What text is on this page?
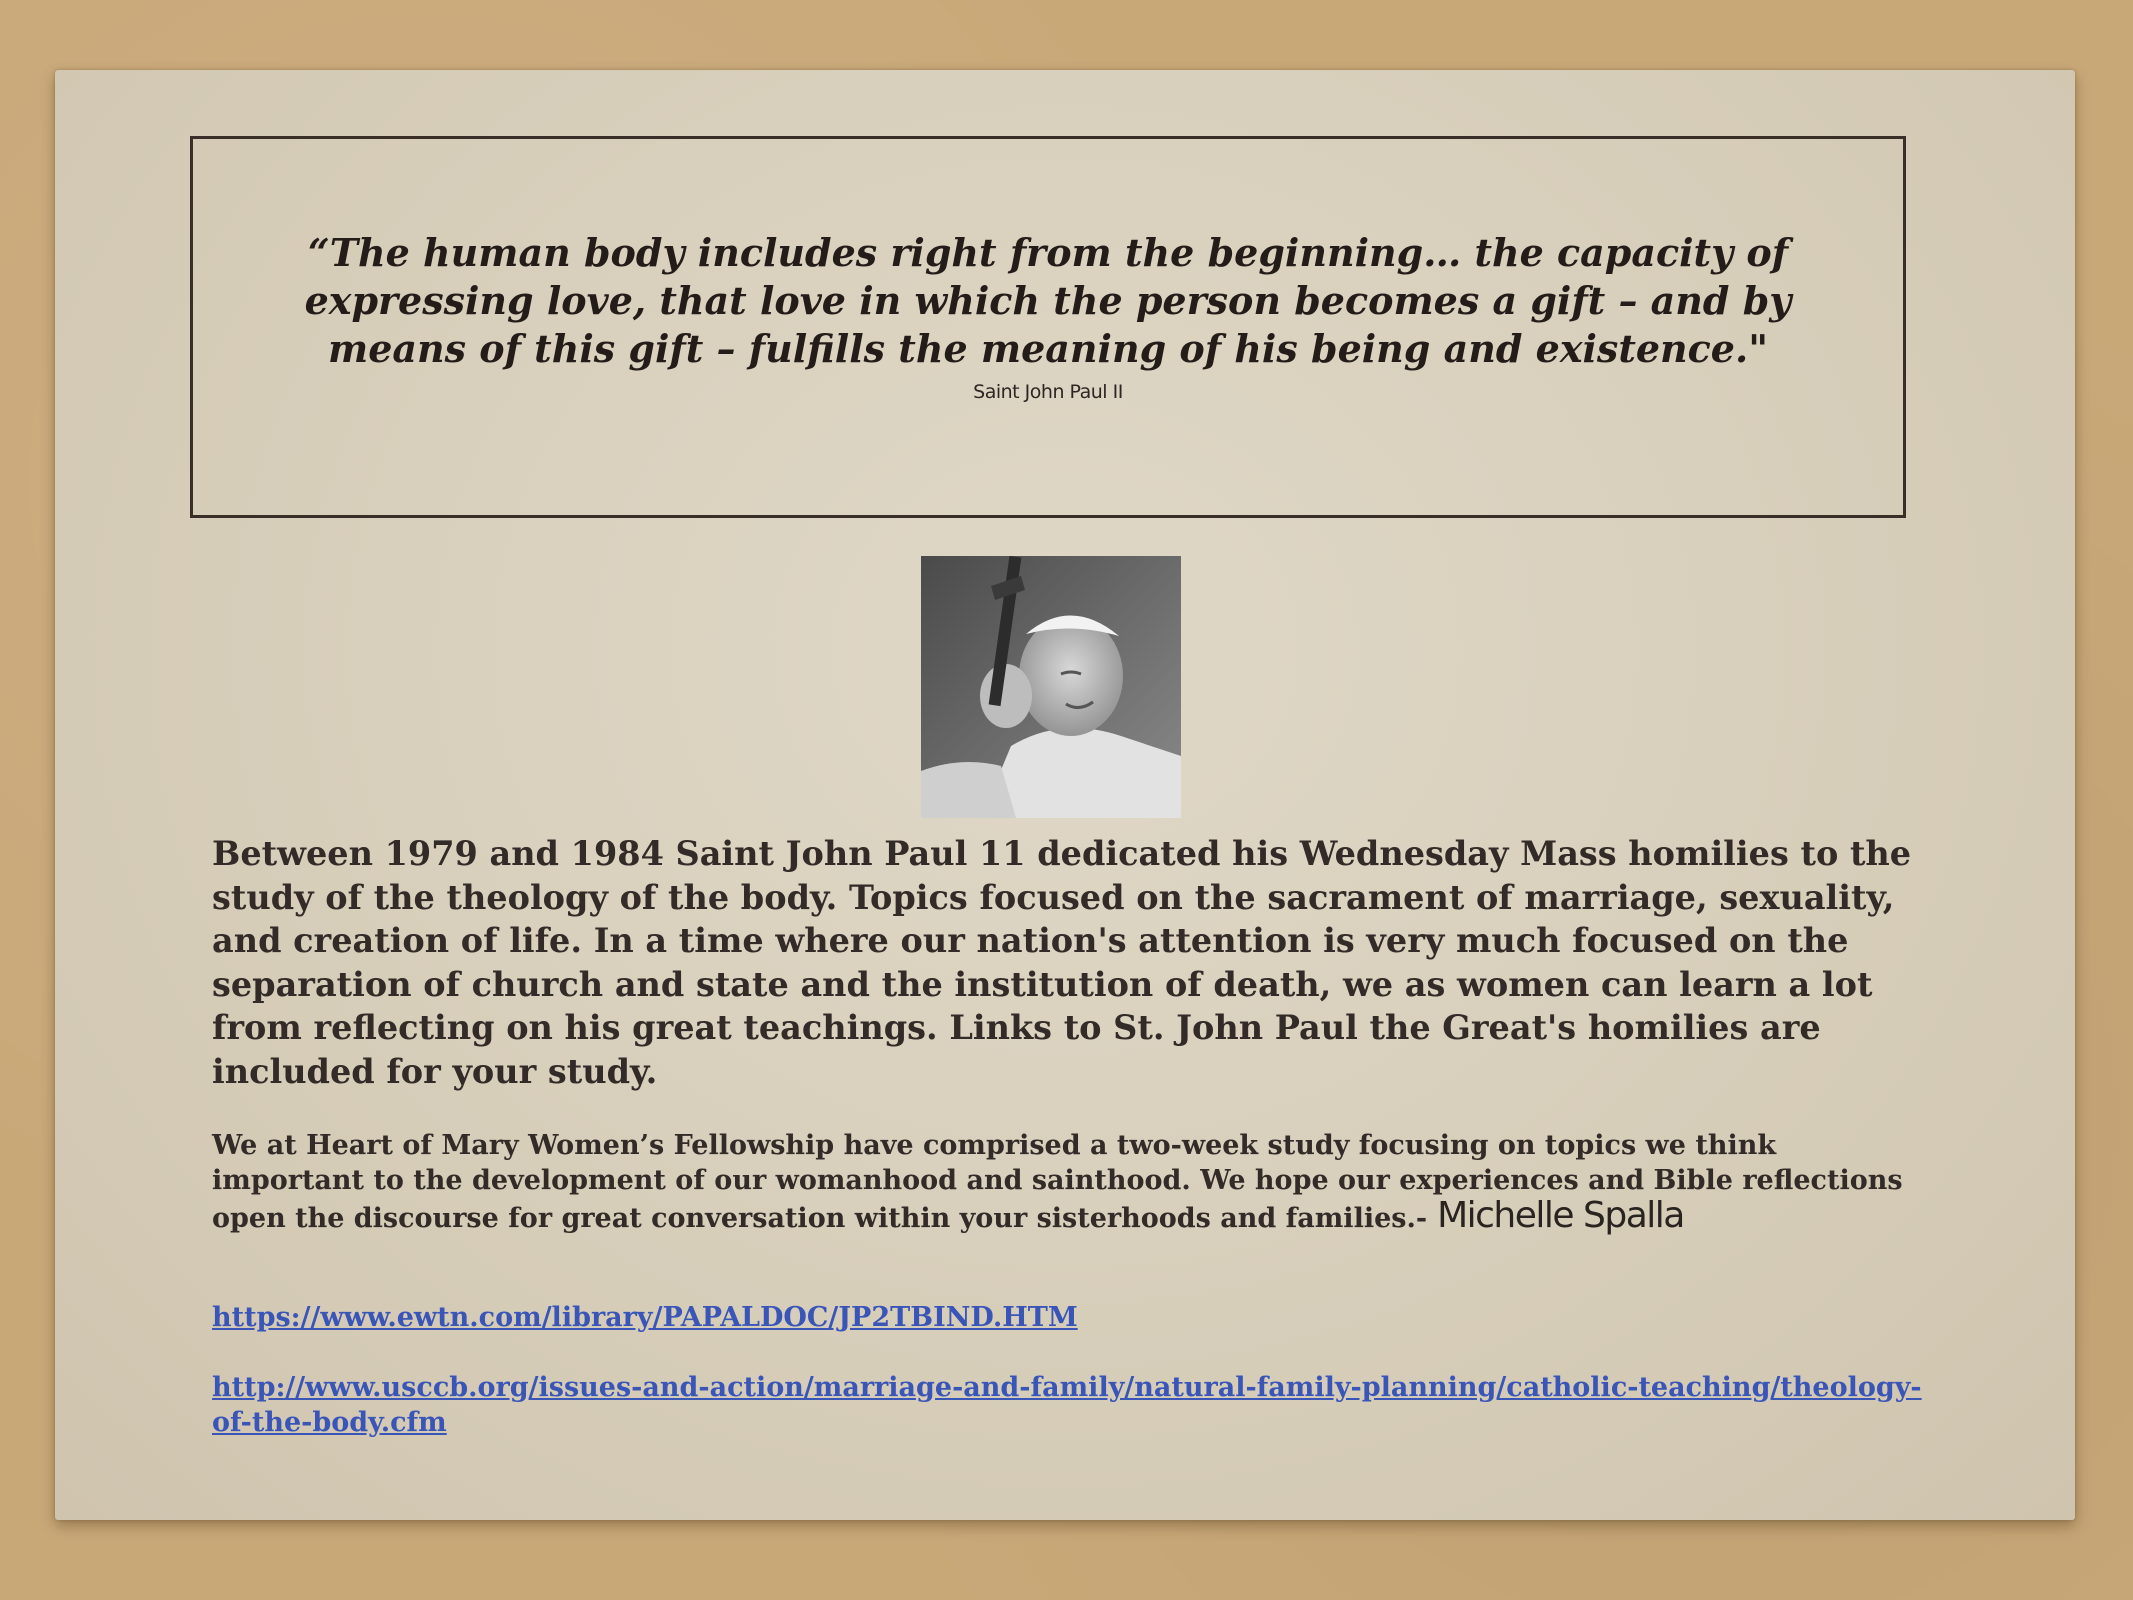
“The human body includes right from the beginning… the capacity of expressing love, that love in which the person becomes a gift – and by means of this gift – fulfills the meaning of his being and existence."
Saint John Paul II
Between 1979 and 1984 Saint John Paul 11 dedicated his Wednesday Mass homilies to the study of the theology of the body. Topics focused on the sacrament of marriage, sexuality, and creation of life. In a time where our nation's attention is very much focused on the separation of church and state and the institution of death, we as women can learn a lot from reflecting on his great teachings. Links to St. John Paul the Great's homilies are included for your study.
We at Heart of Mary Women’s Fellowship have comprised a two-week study focusing on topics we think important to the development of our womanhood and sainthood. We hope our experiences and Bible reflections open the discourse for great conversation within your sisterhoods and families.- Michelle Spalla
https://www.ewtn.com/library/PAPALDOC/JP2TBIND.HTM
http://www.usccb.org/issues-and-action/marriage-and-family/natural-family-planning/catholic-teaching/theology-of-the-body.cfm
